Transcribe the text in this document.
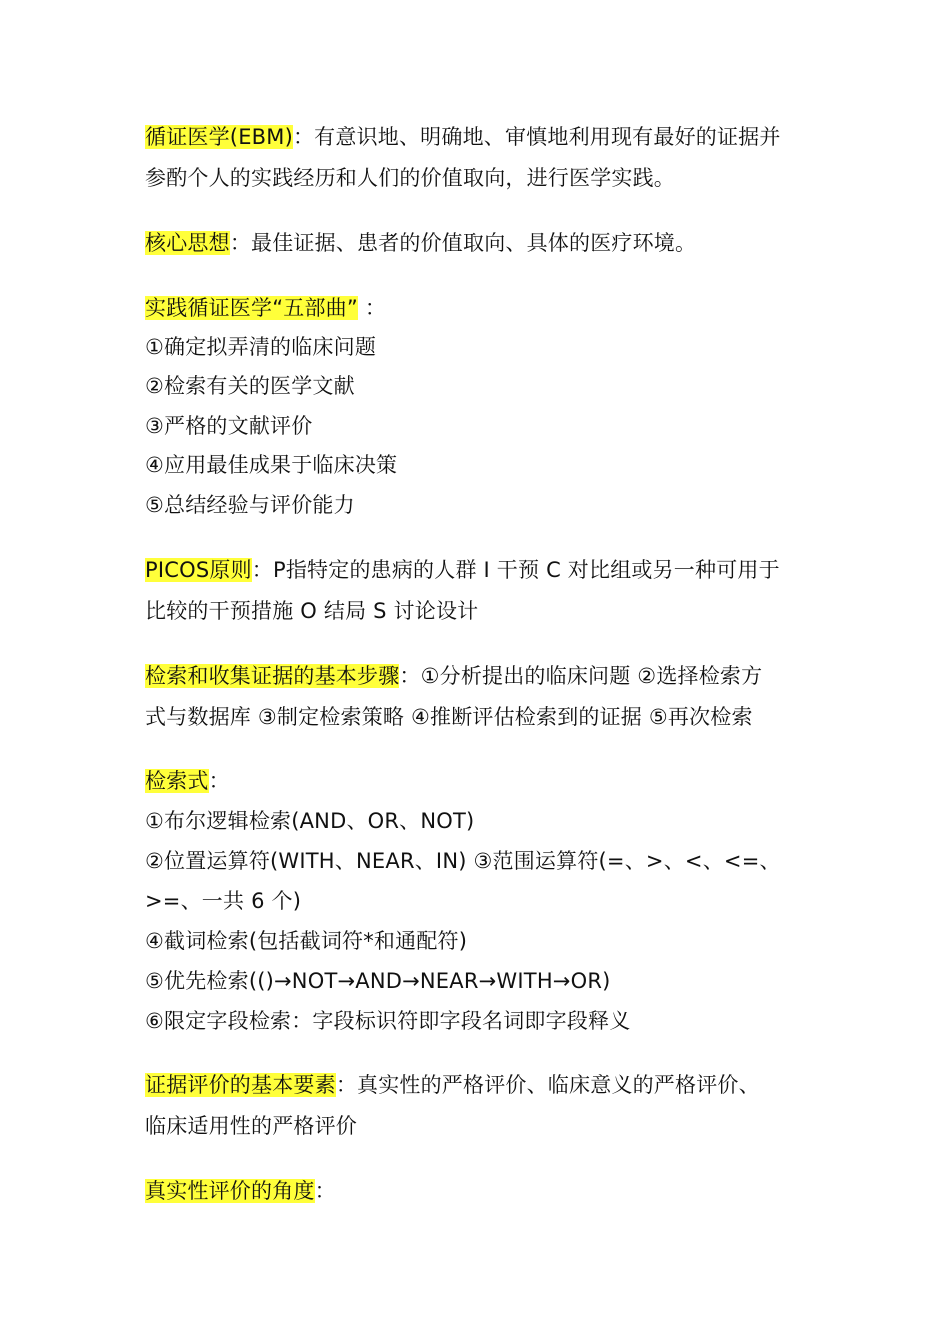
循证医学(EBM)：有意识地、明确地、审慎地利用现有最好的证据并
参酌个人的实践经历和人们的价值取向，进行医学实践。
核心思想：最佳证据、患者的价值取向、具体的医疗环境。
实践循证医学“五部曲” ：
①确定拟弄清的临床问题
②检索有关的医学文献
③严格的文献评价
④应用最佳成果于临床决策
⑤总结经验与评价能力
PICOS原则：P指特定的患病的人群 I 干预 C 对比组或另一种可用于
比较的干预措施 O 结局 S 讨论设计
检索和收集证据的基本步骤：①分析提出的临床问题 ②选择检索方
式与数据库 ③制定检索策略 ④推断评估检索到的证据 ⑤再次检索
检索式：
①布尔逻辑检索(AND、OR、NOT)
②位置运算符(WITH、NEAR、IN) ③范围运算符(=、>、<、<=、
>=、一共 6 个)
④截词检索(包括截词符*和通配符)
⑤优先检索(()→NOT→AND→NEAR→WITH→OR)
⑥限定字段检索：字段标识符即字段名词即字段释义
证据评价的基本要素：真实性的严格评价、临床意义的严格评价、
临床适用性的严格评价
真实性评价的角度：
